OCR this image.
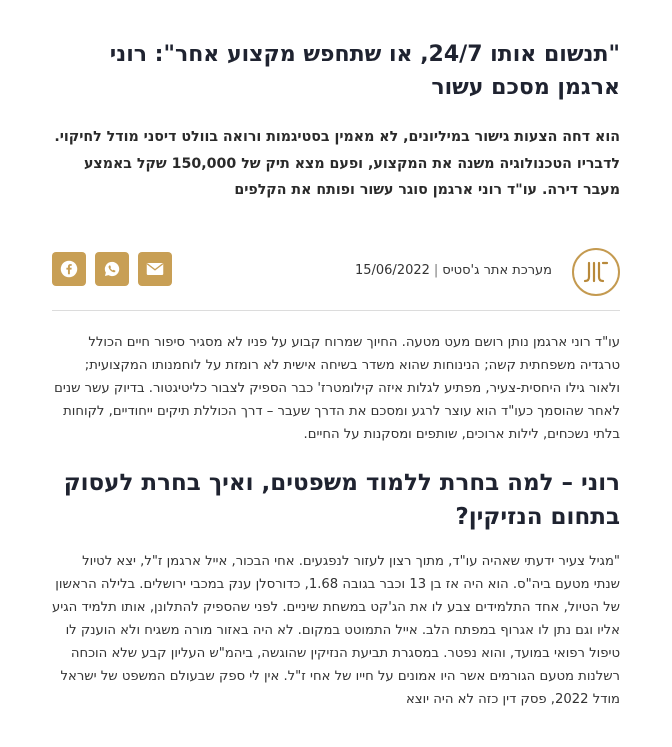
"תנשום אותו 24/7, או שתחפש מקצוע אחר": רוני ארגמן מסכם עשור

הוא דחה הצעות גישור במיליונים, לא מאמין בסטיגמות ורואה בוולט דיסני מודל לחיקוי. לדבריו הטכנולוגיה משנה את המקצוע, ופעם מצא תיק של 150,000 שקל באמצע מעבר דירה. עו"ד רוני ארגמן סוגר עשור ופותח את הקלפים

מערכת אתר ג'סטיס|15/06/2022

עו"ד רוני ארגמן נותן רושם מעט מטעה. החיוך שמרוח קבוע על פניו לא מסגיר סיפור חיים הכולל טרגדיה משפחתית קשה; הנינוחות שהוא משדר בשיחה אישית לא רומזת על לוחמנותו המקצועית; ולאור גילו היחסית-צעיר, מפתיע לגלות איזה קילומטרז' כבר הספיק לצבור כליטיגטור. בדיוק עשר שנים לאחר שהוסמך כעו"ד הוא עוצר לרגע ומסכם את הדרך שעבר – דרך הכוללת תיקים ייחודיים, לקוחות בלתי נשכחים, לילות ארוכים, שותפים ומסקנות על החיים.

רוני – למה בחרת ללמוד משפטים, ואיך בחרת לעסוק בתחום הנזיקין?

"מגיל צעיר ידעתי שאהיה עו"ד, מתוך רצון לעזור לנפגעים. אחי הבכור, אייל ארגמן ז"ל, יצא לטיול שנתי מטעם ביה"ס. הוא היה אז בן 13 וכבר בגובה 1.68, כדורסלן ענק במכבי ירושלים. בלילה הראשון של הטיול, אחד התלמידים צבע לו את הג'קט במשחת שיניים. לפני שהספיק להתלונן, אותו תלמיד הגיע אליו וגם נתן לו אגרוף במפתח הלב. אייל התמוטט במקום. לא היה באזור מורה משגיח ולא הוענק לו טיפול רפואי במועד, והוא נפטר. במסגרת תביעת הנזיקין שהוגשה, ביהמ"ש העליון קבע שלא הוכחה רשלנות מטעם הגורמים אשר היו אמונים על חייו של אחי ז"ל. אין לי ספק שבעולם המשפט של ישראל מודל 2022, פסק דין כזה לא היה יוצא
